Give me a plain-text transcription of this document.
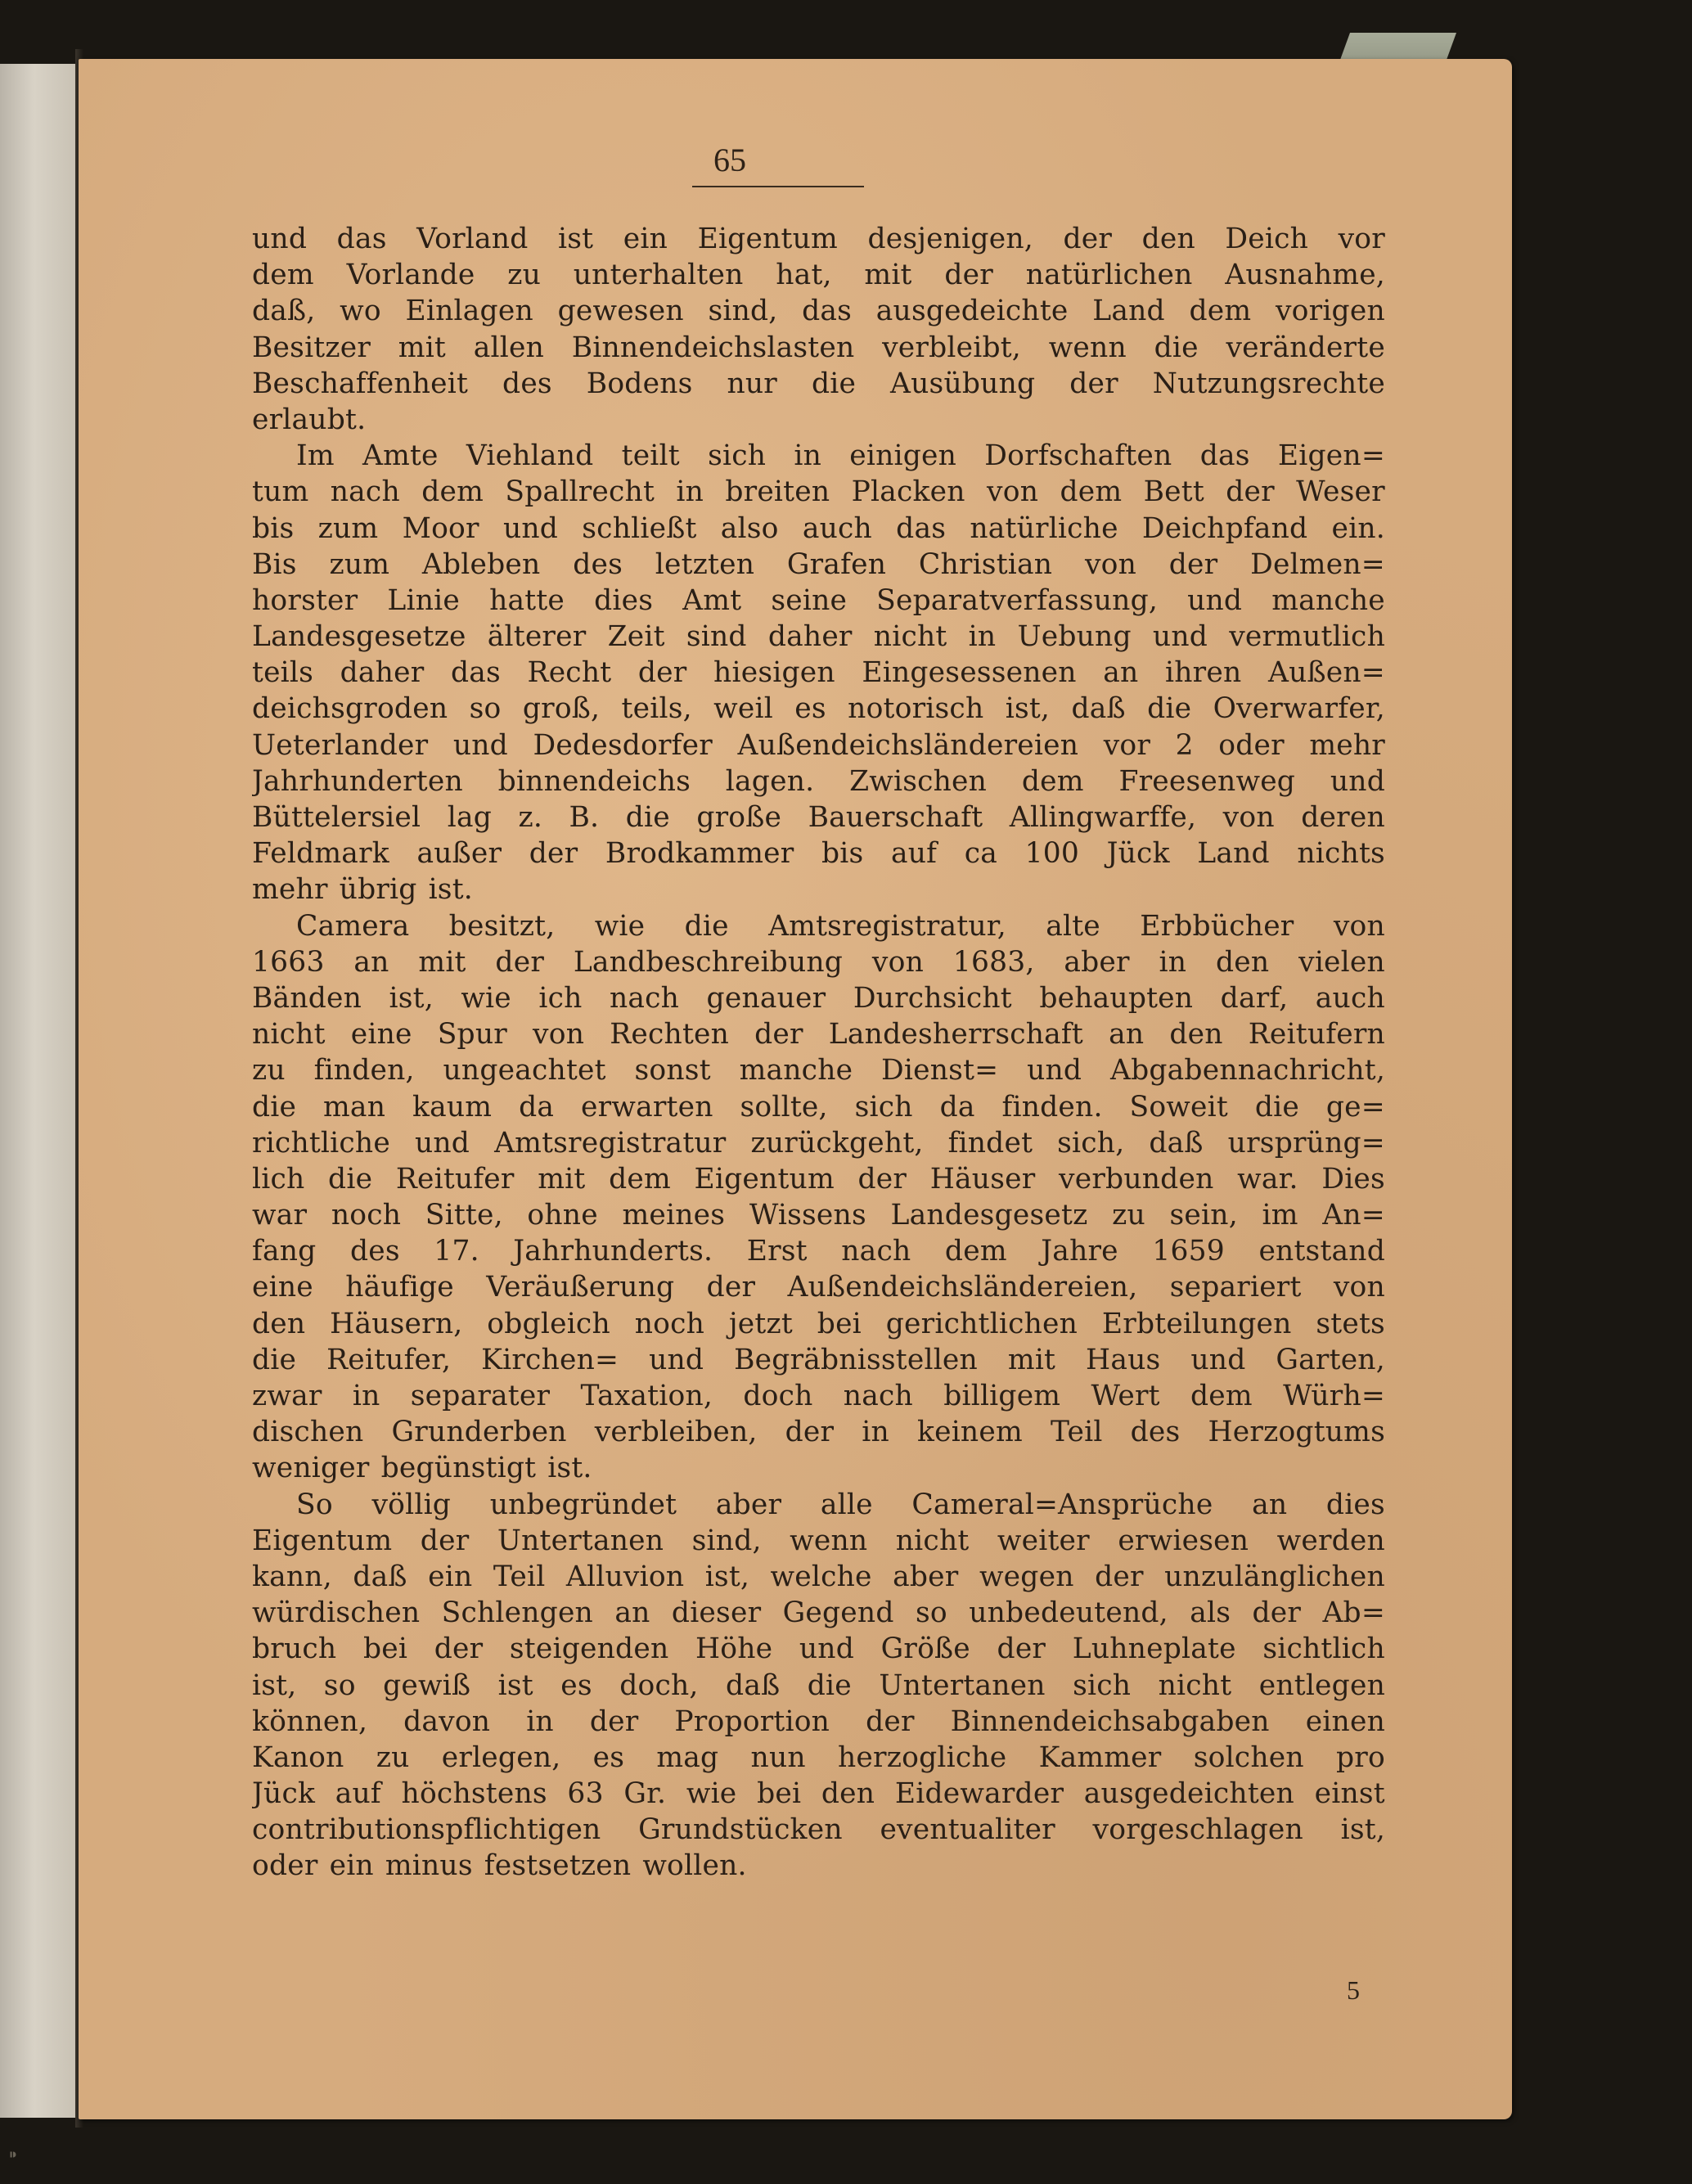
65
und das Vorland ist ein Eigentum desjenigen, der den Deich vor
dem Vorlande zu unterhalten hat, mit der natürlichen Ausnahme,
daß, wo Einlagen gewesen sind, das ausgedeichte Land dem vorigen
Besitzer mit allen Binnendeichslasten verbleibt, wenn die veränderte
Beschaffenheit des Bodens nur die Ausübung der Nutzungsrechte
erlaubt.
Im Amte Viehland teilt sich in einigen Dorfschaften das Eigen=
tum nach dem Spallrecht in breiten Placken von dem Bett der Weser
bis zum Moor und schließt also auch das natürliche Deichpfand ein.
Bis zum Ableben des letzten Grafen Christian von der Delmen=
horster Linie hatte dies Amt seine Separatverfassung, und manche
Landesgesetze älterer Zeit sind daher nicht in Uebung und vermutlich
teils daher das Recht der hiesigen Eingesessenen an ihren Außen=
deichsgroden so groß, teils, weil es notorisch ist, daß die Overwarfer,
Ueterlander und Dedesdorfer Außendeichsländereien vor 2 oder mehr
Jahrhunderten binnendeichs lagen. Zwischen dem Freesenweg und
Büttelersiel lag z. B. die große Bauerschaft Allingwarffe, von deren
Feldmark außer der Brodkammer bis auf ca 100 Jück Land nichts
mehr übrig ist.
Camera besitzt, wie die Amtsregistratur, alte Erbbücher von
1663 an mit der Landbeschreibung von 1683, aber in den vielen
Bänden ist, wie ich nach genauer Durchsicht behaupten darf, auch
nicht eine Spur von Rechten der Landesherrschaft an den Reitufern
zu finden, ungeachtet sonst manche Dienst= und Abgabennachricht,
die man kaum da erwarten sollte, sich da finden. Soweit die ge=
richtliche und Amtsregistratur zurückgeht, findet sich, daß ursprüng=
lich die Reitufer mit dem Eigentum der Häuser verbunden war. Dies
war noch Sitte, ohne meines Wissens Landesgesetz zu sein, im An=
fang des 17. Jahrhunderts. Erst nach dem Jahre 1659 entstand
eine häufige Veräußerung der Außendeichsländereien, separiert von
den Häusern, obgleich noch jetzt bei gerichtlichen Erbteilungen stets
die Reitufer, Kirchen= und Begräbnisstellen mit Haus und Garten,
zwar in separater Taxation, doch nach billigem Wert dem Würh=
dischen Grunderben verbleiben, der in keinem Teil des Herzogtums
weniger begünstigt ist.
So völlig unbegründet aber alle Cameral=Ansprüche an dies
Eigentum der Untertanen sind, wenn nicht weiter erwiesen werden
kann, daß ein Teil Alluvion ist, welche aber wegen der unzulänglichen
würdischen Schlengen an dieser Gegend so unbedeutend, als der Ab=
bruch bei der steigenden Höhe und Größe der Luhneplate sichtlich
ist, so gewiß ist es doch, daß die Untertanen sich nicht entlegen
können, davon in der Proportion der Binnendeichsabgaben einen
Kanon zu erlegen, es mag nun herzogliche Kammer solchen pro
Jück auf höchstens 63 Gr. wie bei den Eidewarder ausgedeichten einst
contributionspflichtigen Grundstücken eventualiter vorgeschlagen ist,
oder ein minus festsetzen wollen.
5
⁍
